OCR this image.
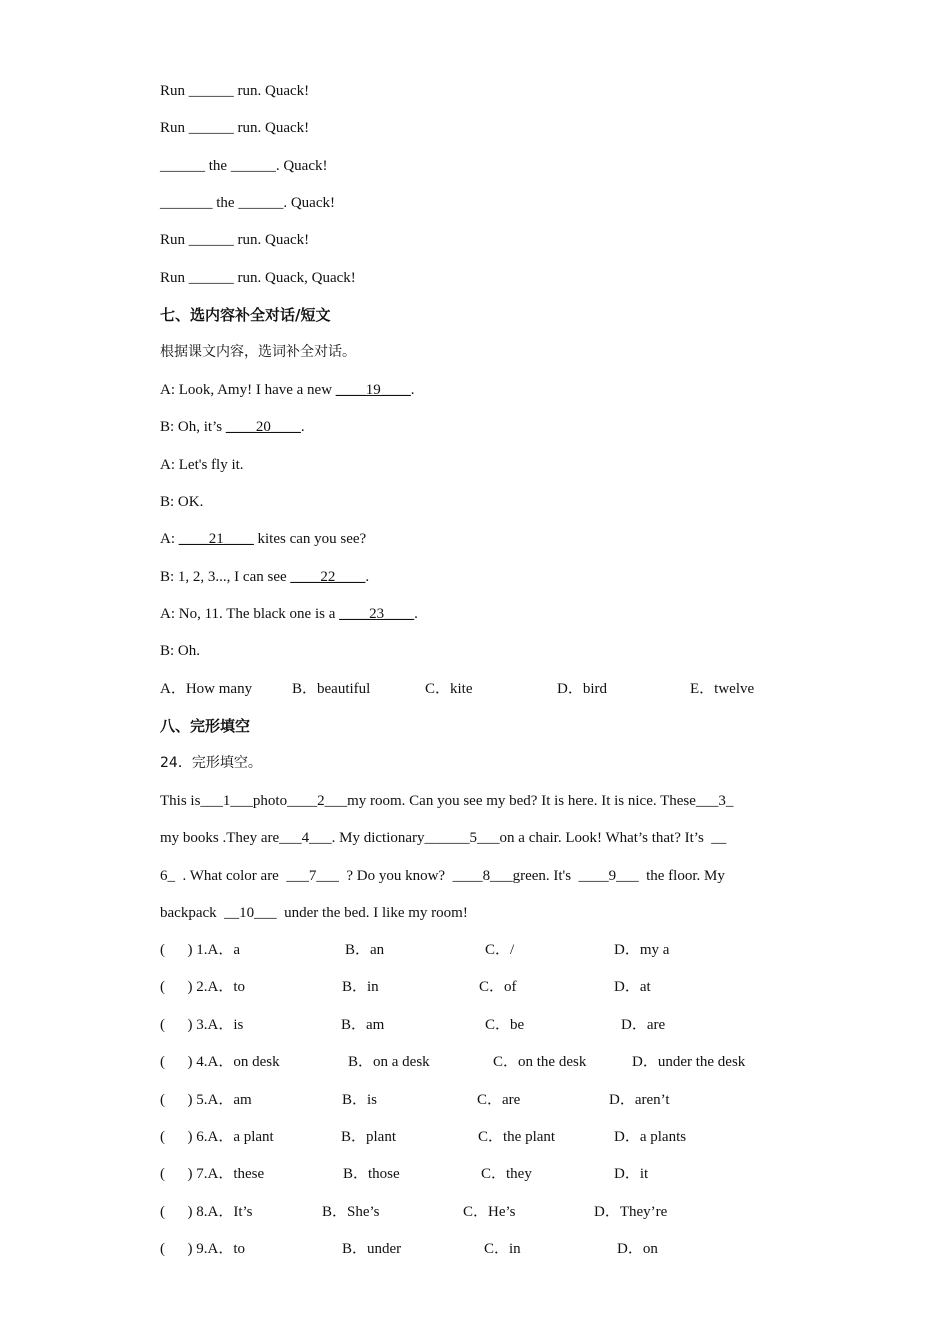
Run ______ run. Quack!
Run ______ run. Quack!
______ the ______. Quack!
_______ the ______. Quack!
Run ______ run. Quack!
Run ______ run. Quack, Quack!
七、选内容补全对话/短文
根据课文内容，选词补全对话。
A: Look, Amy! I have a new ____19____.
B: Oh, it’s ____20____.
A: Let's fly it.
B: OK.
A: ____21____ kites can you see?
B: 1, 2, 3..., I can see ____22____.
A: No, 11. The black one is a ____23____.
B: Oh.
A．How many	B．beautiful	C．kite	D．bird	E．twelve
八、完形填空
24．完形填空。
This is___1___photo____2___my room. Can you see my bed? It is here. It is nice. These___3_
my books .They are___4___. My dictionary______5___on a chair. Look! What’s that? It’s  __
6_  . What color are  ___7___  ? Do you know?  ____8___green. It's  ____9___  the floor. My
backpack  __10___  under the bed. I like my room!
(      ) 1.A．a	B．an	C．/	D．my a
(      ) 2.A．to	B．in	C．of	D．at
(      ) 3.A．is	B．am	C．be	D．are
(      ) 4.A．on desk	B．on a desk	C．on the desk	D．under the desk
(      ) 5.A．am	B．is	C．are	D．aren’t
(      ) 6.A．a plant	B．plant	C．the plant	D．a plants
(      ) 7.A．these	B．those	C．they	D．it
(      ) 8.A．It’s	B．She’s	C．He’s	D．They’re
(      ) 9.A．to	B．under	C．in	D．on
